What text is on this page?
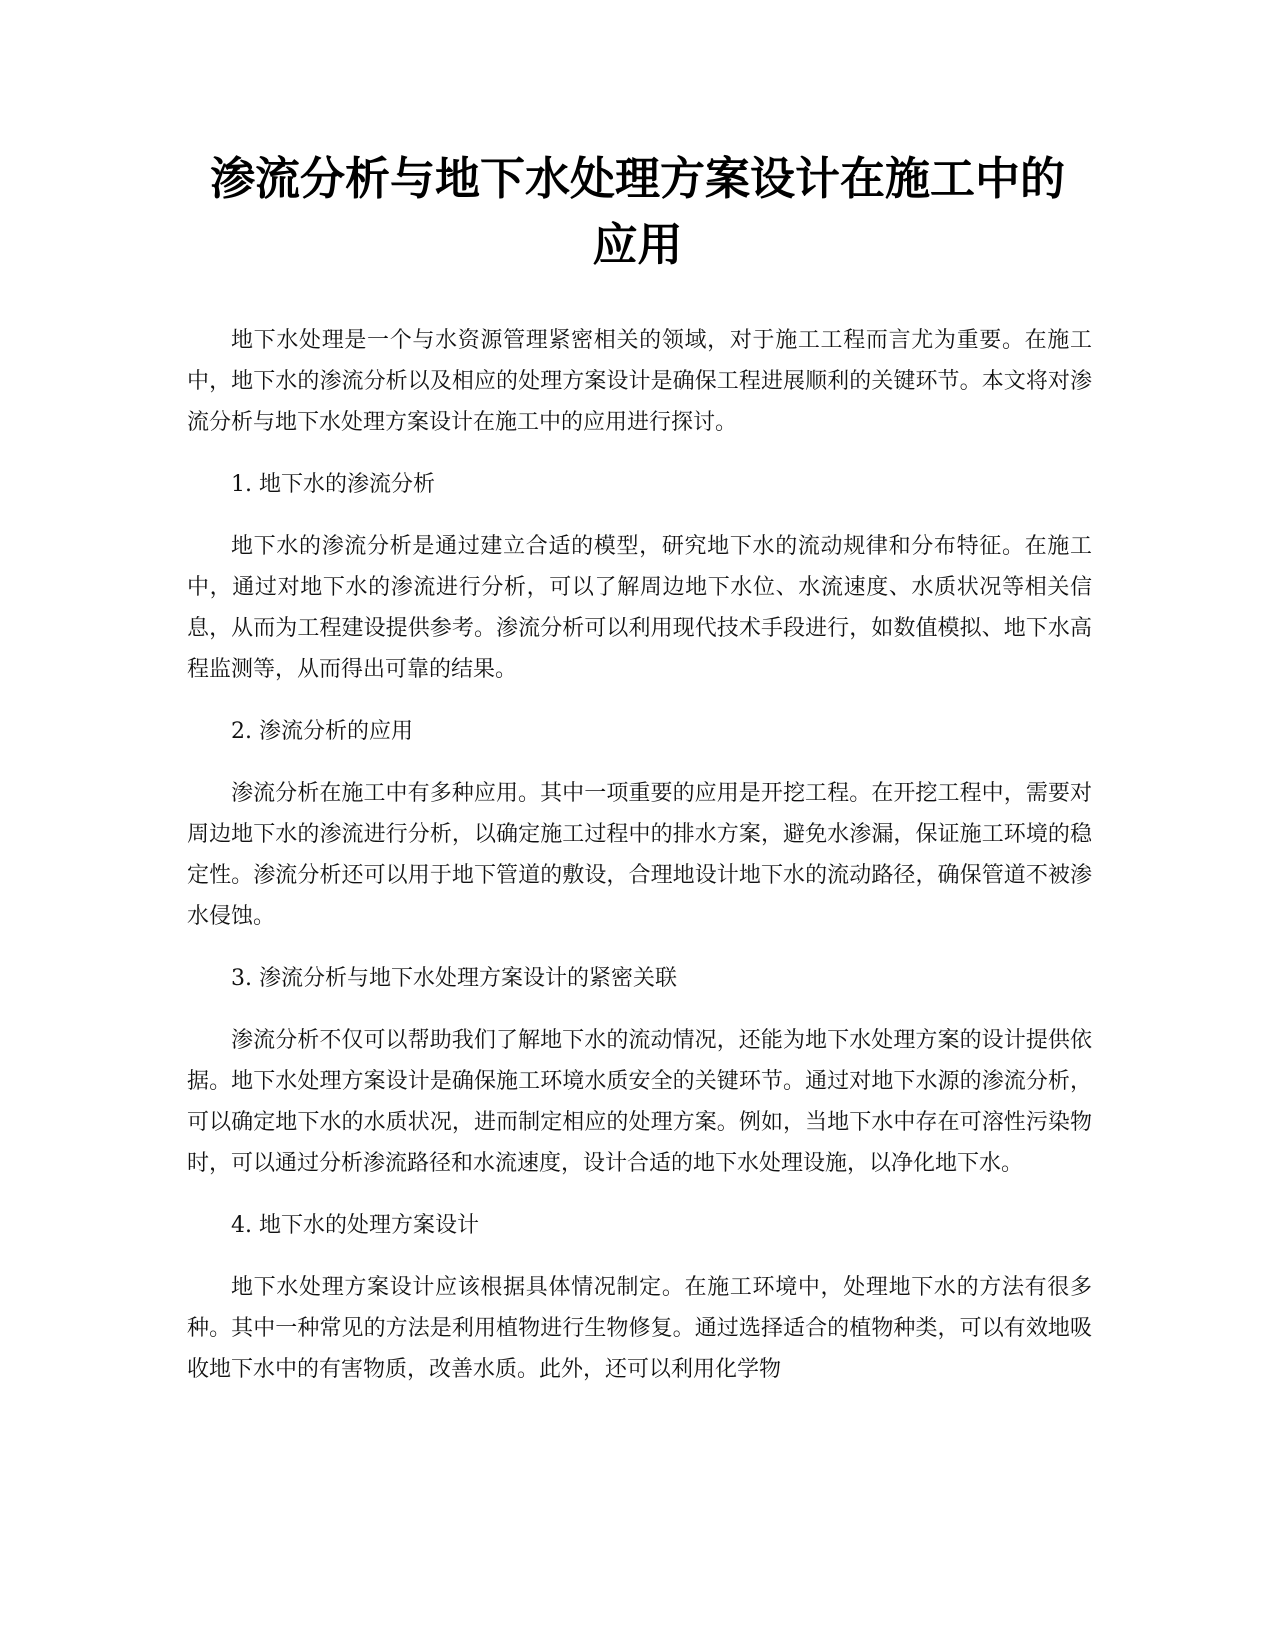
渗流分析与地下水处理方案设计在施工中的
应用

地下水处理是一个与水资源管理紧密相关的领域，对于施工工程而言尤为重要。在施工中，地下水的渗流分析以及相应的处理方案设计是确保工程进展顺利的关键环节。本文将对渗流分析与地下水处理方案设计在施工中的应用进行探讨。

1. 地下水的渗流分析

地下水的渗流分析是通过建立合适的模型，研究地下水的流动规律和分布特征。在施工中，通过对地下水的渗流进行分析，可以了解周边地下水位、水流速度、水质状况等相关信息，从而为工程建设提供参考。渗流分析可以利用现代技术手段进行，如数值模拟、地下水高程监测等，从而得出可靠的结果。

2. 渗流分析的应用

渗流分析在施工中有多种应用。其中一项重要的应用是开挖工程。在开挖工程中，需要对周边地下水的渗流进行分析，以确定施工过程中的排水方案，避免水渗漏，保证施工环境的稳定性。渗流分析还可以用于地下管道的敷设，合理地设计地下水的流动路径，确保管道不被渗水侵蚀。

3. 渗流分析与地下水处理方案设计的紧密关联

渗流分析不仅可以帮助我们了解地下水的流动情况，还能为地下水处理方案的设计提供依据。地下水处理方案设计是确保施工环境水质安全的关键环节。通过对地下水源的渗流分析，可以确定地下水的水质状况，进而制定相应的处理方案。例如，当地下水中存在可溶性污染物时，可以通过分析渗流路径和水流速度，设计合适的地下水处理设施，以净化地下水。

4. 地下水的处理方案设计

地下水处理方案设计应该根据具体情况制定。在施工环境中，处理地下水的方法有很多种。其中一种常见的方法是利用植物进行生物修复。通过选择适合的植物种类，可以有效地吸收地下水中的有害物质，改善水质。此外，还可以利用化学物
